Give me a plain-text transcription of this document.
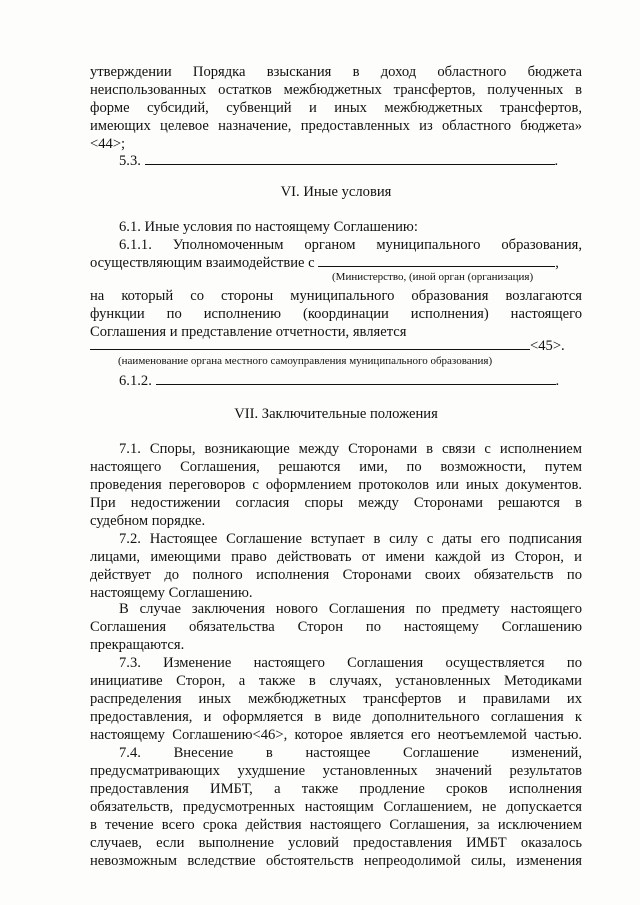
утверждении Порядка взыскания в доход областного бюджета
неиспользованных остатков межбюджетных трансфертов, полученных в
форме субсидий, субвенций и иных межбюджетных трансфертов,
имеющих целевое назначение, предоставленных из областного бюджета»
<44>;
5.3.	.
VI. Иные условия
6.1. Иные условия по настоящему Соглашению:
6.1.1. Уполномоченным органом муниципального образования,
осуществляющим взаимодействие с	,
(Министерство, (иной орган (организация)
на который со стороны муниципального образования возлагаются
функции по исполнению (координации исполнения) настоящего
Соглашения и представление отчетности, является
<45>.
(наименование органа местного самоуправления муниципального образования)
6.1.2.	.
VII. Заключительные положения
7.1. Споры, возникающие между Сторонами в связи с исполнением
настоящего Соглашения, решаются ими, по возможности, путем
проведения переговоров с оформлением протоколов или иных документов.
При недостижении согласия споры между Сторонами решаются в
судебном порядке.
7.2. Настоящее Соглашение вступает в силу с даты его подписания
лицами, имеющими право действовать от имени каждой из Сторон, и
действует до полного исполнения Сторонами своих обязательств по
настоящему Соглашению.
В случае заключения нового Соглашения по предмету настоящего
Соглашения обязательства Сторон по настоящему Соглашению
прекращаются.
7.3. Изменение настоящего Соглашения осуществляется по
инициативе Сторон, а также в случаях, установленных Методиками
распределения иных межбюджетных трансфертов и правилами их
предоставления, и оформляется в виде дополнительного соглашения к
настоящему Соглашению<46>, которое является его неотъемлемой частью.
7.4. Внесение в настоящее Соглашение изменений,
предусматривающих ухудшение установленных значений результатов
предоставления ИМБТ, а также продление сроков исполнения
обязательств, предусмотренных настоящим Соглашением, не допускается
в течение всего срока действия настоящего Соглашения, за исключением
случаев, если выполнение условий предоставления ИМБТ оказалось
невозможным вследствие обстоятельств непреодолимой силы, изменения
